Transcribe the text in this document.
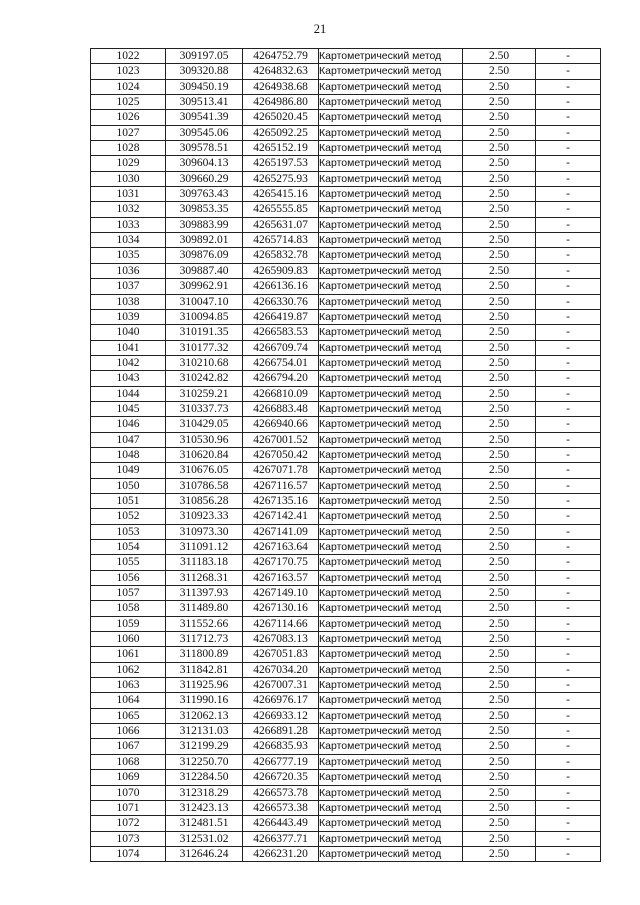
21
1022	309197.05	4264752.79	Картометрический метод	2.50	-
1023	309320.88	4264832.63	Картометрический метод	2.50	-
1024	309450.19	4264938.68	Картометрический метод	2.50	-
1025	309513.41	4264986.80	Картометрический метод	2.50	-
1026	309541.39	4265020.45	Картометрический метод	2.50	-
1027	309545.06	4265092.25	Картометрический метод	2.50	-
1028	309578.51	4265152.19	Картометрический метод	2.50	-
1029	309604.13	4265197.53	Картометрический метод	2.50	-
1030	309660.29	4265275.93	Картометрический метод	2.50	-
1031	309763.43	4265415.16	Картометрический метод	2.50	-
1032	309853.35	4265555.85	Картометрический метод	2.50	-
1033	309883.99	4265631.07	Картометрический метод	2.50	-
1034	309892.01	4265714.83	Картометрический метод	2.50	-
1035	309876.09	4265832.78	Картометрический метод	2.50	-
1036	309887.40	4265909.83	Картометрический метод	2.50	-
1037	309962.91	4266136.16	Картометрический метод	2.50	-
1038	310047.10	4266330.76	Картометрический метод	2.50	-
1039	310094.85	4266419.87	Картометрический метод	2.50	-
1040	310191.35	4266583.53	Картометрический метод	2.50	-
1041	310177.32	4266709.74	Картометрический метод	2.50	-
1042	310210.68	4266754.01	Картометрический метод	2.50	-
1043	310242.82	4266794.20	Картометрический метод	2.50	-
1044	310259.21	4266810.09	Картометрический метод	2.50	-
1045	310337.73	4266883.48	Картометрический метод	2.50	-
1046	310429.05	4266940.66	Картометрический метод	2.50	-
1047	310530.96	4267001.52	Картометрический метод	2.50	-
1048	310620.84	4267050.42	Картометрический метод	2.50	-
1049	310676.05	4267071.78	Картометрический метод	2.50	-
1050	310786.58	4267116.57	Картометрический метод	2.50	-
1051	310856.28	4267135.16	Картометрический метод	2.50	-
1052	310923.33	4267142.41	Картометрический метод	2.50	-
1053	310973.30	4267141.09	Картометрический метод	2.50	-
1054	311091.12	4267163.64	Картометрический метод	2.50	-
1055	311183.18	4267170.75	Картометрический метод	2.50	-
1056	311268.31	4267163.57	Картометрический метод	2.50	-
1057	311397.93	4267149.10	Картометрический метод	2.50	-
1058	311489.80	4267130.16	Картометрический метод	2.50	-
1059	311552.66	4267114.66	Картометрический метод	2.50	-
1060	311712.73	4267083.13	Картометрический метод	2.50	-
1061	311800.89	4267051.83	Картометрический метод	2.50	-
1062	311842.81	4267034.20	Картометрический метод	2.50	-
1063	311925.96	4267007.31	Картометрический метод	2.50	-
1064	311990.16	4266976.17	Картометрический метод	2.50	-
1065	312062.13	4266933.12	Картометрический метод	2.50	-
1066	312131.03	4266891.28	Картометрический метод	2.50	-
1067	312199.29	4266835.93	Картометрический метод	2.50	-
1068	312250.70	4266777.19	Картометрический метод	2.50	-
1069	312284.50	4266720.35	Картометрический метод	2.50	-
1070	312318.29	4266573.78	Картометрический метод	2.50	-
1071	312423.13	4266573.38	Картометрический метод	2.50	-
1072	312481.51	4266443.49	Картометрический метод	2.50	-
1073	312531.02	4266377.71	Картометрический метод	2.50	-
1074	312646.24	4266231.20	Картометрический метод	2.50	-
